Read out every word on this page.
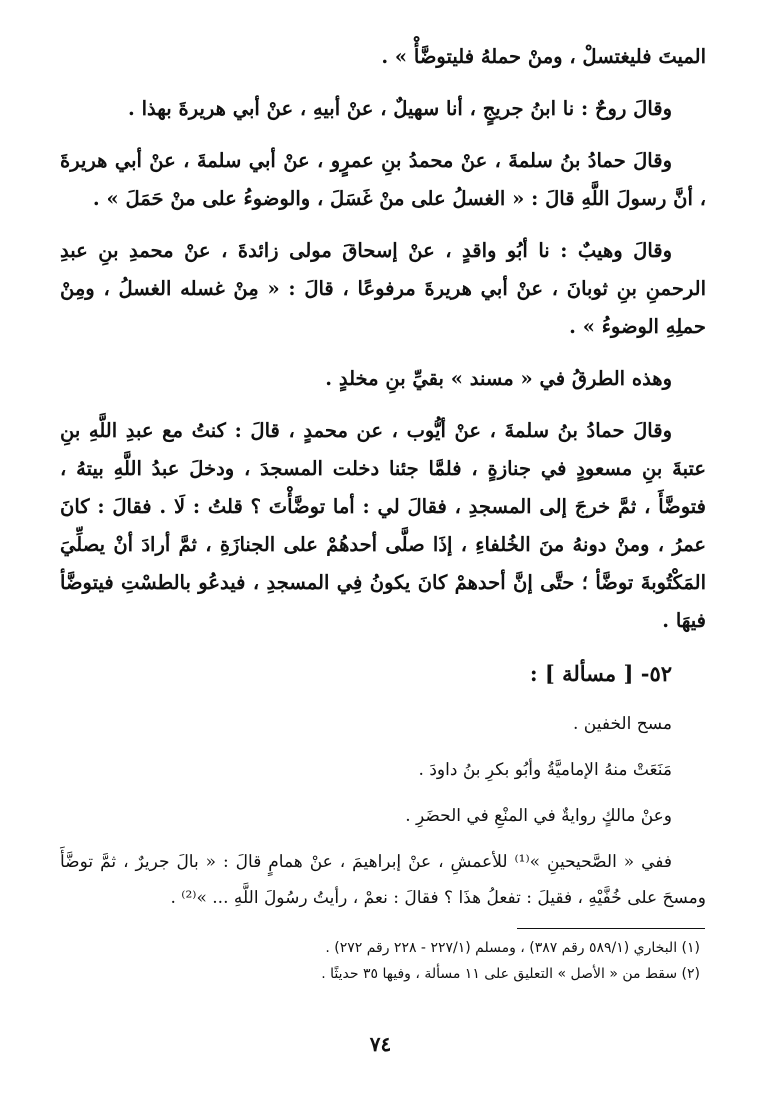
الميتَ فليغتسلْ ، ومنْ حملهُ فليتوضَّأْ » .

وقالَ روحٌ : نا ابنُ جريجٍ ، أنا سهيلٌ ، عنْ أبيهِ ، عنْ أبي هريرةَ بهذا .

وقالَ حمادُ بنُ سلمةَ ، عنْ محمدُ بنِ عمرٍو ، عنْ أبي سلمةَ ، عنْ أبي هريرةَ ، أنَّ رسولَ اللَّهِ قالَ : « الغسلُ على منْ غَسَلَ ، والوضوءُ على منْ حَمَلَ » .

وقالَ وهيبٌ : نا أبُو واقدٍ ، عنْ إسحاقَ مولى زائدةَ ، عنْ محمدِ بنِ عبدِ الرحمنِ بنِ ثوبانَ ، عنْ أبي هريرةَ مرفوعًا ، قالَ : « مِنْ غسله الغسلُ ، ومِنْ حملِهِ الوضوءُ » .

وهذه الطرقُ في « مسند » بقيِّ بنِ مخلدٍ .

وقالَ حمادُ بنُ سلمةَ ، عنْ أيُّوب ، عن محمدٍ ، قالَ : كنتُ مع عبدِ اللَّهِ بنِ عتبةَ بنِ مسعودٍ في جنازةٍ ، فلمَّا جئنا دخلت المسجدَ ، ودخلَ عبدُ اللَّهِ بيتهُ ، فتوضَّأَ ، ثمَّ خرجَ إلى المسجدِ ، فقالَ لي : أما توضَّأْتَ ؟ قلتُ : لَا . فقالَ : كانَ عمرُ ، ومنْ دونهُ منَ الخُلفاءِ ، إذَا صلَّى أحدهُمْ على الجنازَةِ ، ثمَّ أرادَ أنْ يصلِّيَ المَكْتُوبةَ توضَّأ ؛ حتَّى إنَّ أحدهمْ كانَ يكونُ فِي المسجدِ ، فيدعُو بالطسْتِ فيتوضَّأ فيهَا .

٥٢- [ مسألة ] :

مسح الخفين .

مَنَعَتْ منهُ الإماميَّةُ وأبُو بكرِ بنُ داودَ .

وعنْ مالكٍ روايةٌ في المنْعِ في الحضَرِ .

ففي « الصَّحيحينِ »⁽¹⁾ للأعمشِ ، عنْ إبراهيمَ ، عنْ همامٍ قالَ : « بالَ جريرٌ ، ثمَّ توضَّأَ ومسحَ على خُفَّيْهِ ، فقيلَ : تفعلُ هذَا ؟ فقالَ : نعمْ ، رأيتُ رسُولَ اللَّهِ ... »⁽²⁾ .

(١) البخاري (٥٨٩/١ رقم ٣٨٧) ، ومسلم (٢٢٧/١ - ٢٢٨ رقم ٢٧٢) .

(٢) سقط من « الأصل » التعليق على ١١ مسألة ، وفيها ٣٥ حديثًا .

٧٤
